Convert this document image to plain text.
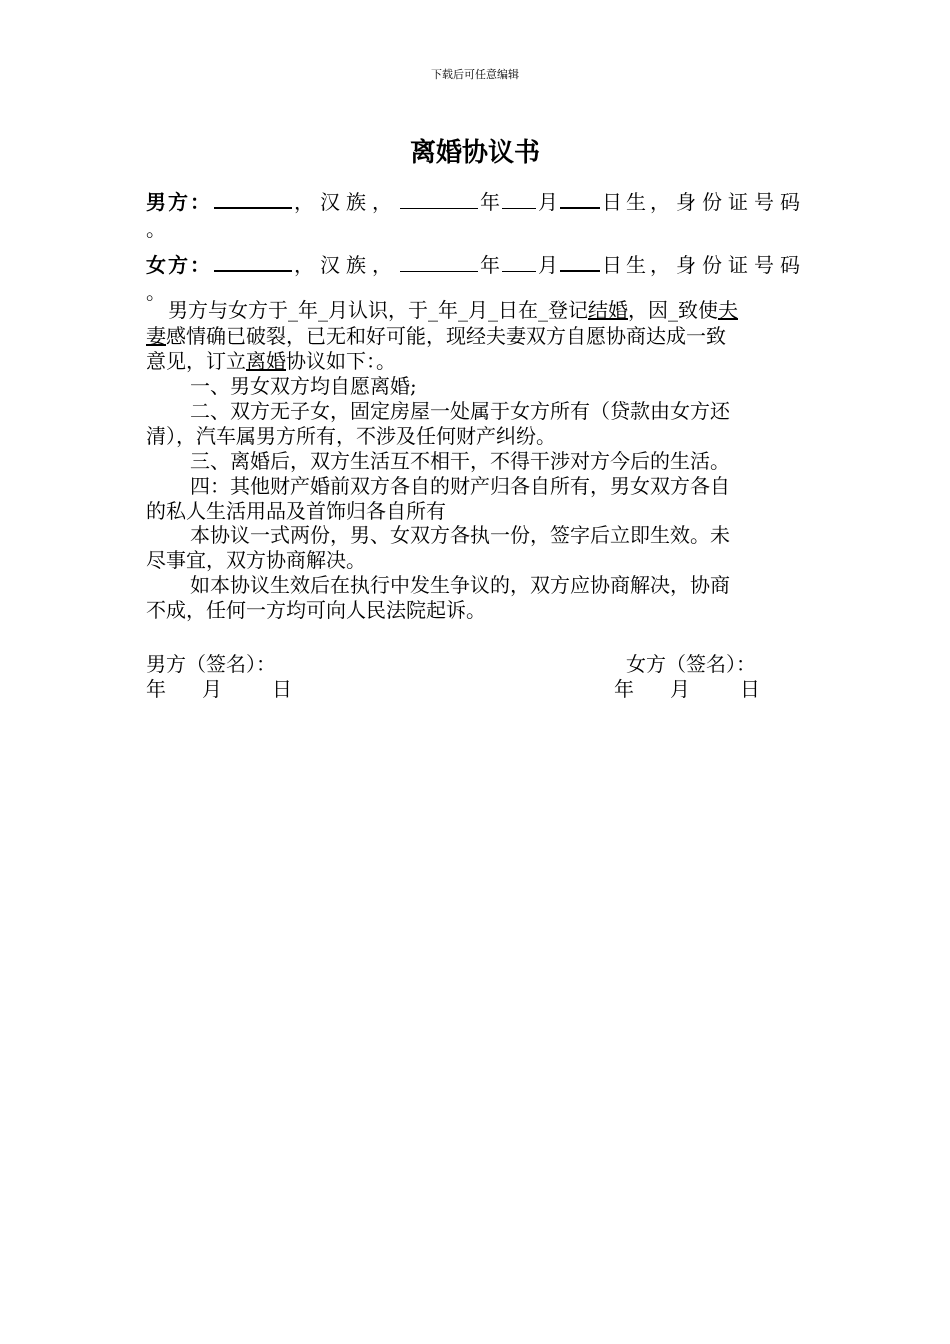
下载后可任意编辑
离婚协议书
男方：	，汉族，	年 月 日生， 身份证号码
。
女方：	，汉族，	年 月 日生， 身份证号码
。
男方与女方于_年_月认识，于_年_月_日在_登记结婚，因_致使夫
妻感情确已破裂，已无和好可能，现经夫妻双方自愿协商达成一致
意见，订立离婚协议如下：。
一、男女双方均自愿离婚;
二、双方无子女，固定房屋一处属于女方所有（贷款由女方还
清），汽车属男方所有，不涉及任何财产纠纷。
三、离婚后，双方生活互不相干，不得干涉对方今后的生活。
四：其他财产婚前双方各自的财产归各自所有，男女双方各自
的私人生活用品及首饰归各自所有
本协议一式两份，男、女双方各执一份，签字后立即生效。未
尽事宜，双方协商解决。
如本协议生效后在执行中发生争议的，双方应协商解决，协商
不成，任何一方均可向人民法院起诉。
男方（签名）：	女方（签名）：
年 月	日	年 月	日
